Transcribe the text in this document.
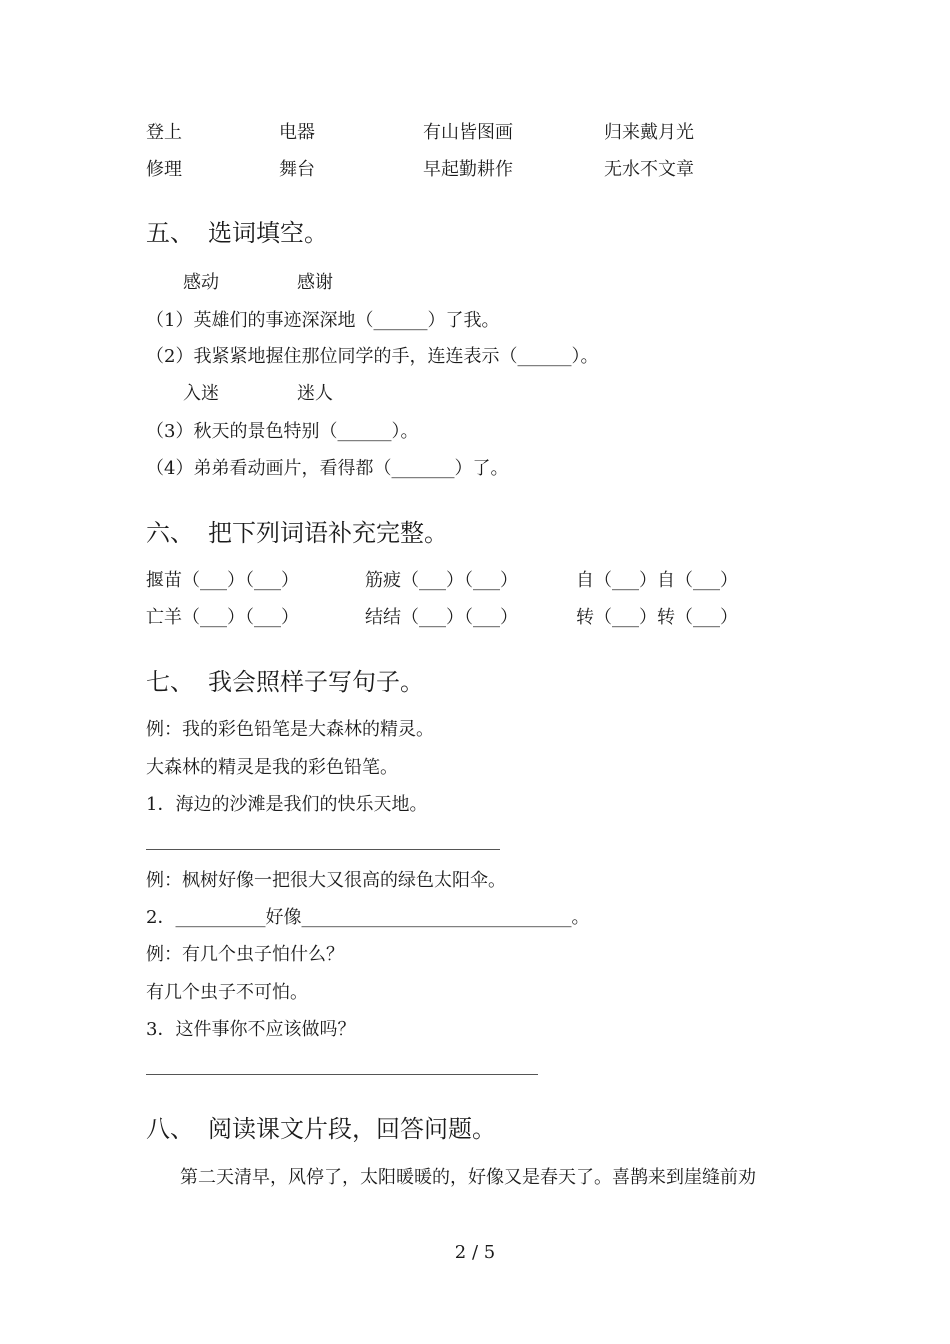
登上	电器	有山皆图画	归来戴月光
修理	舞台	早起勤耕作	无水不文章
五、 选词填空。
感动	感谢
（1）英雄们的事迹深深地（______）了我。
（2）我紧紧地握住那位同学的手，连连表示（______）。
入迷	迷人
（3）秋天的景色特别（______）。
（4）弟弟看动画片，看得都（_______）了。
六、 把下列词语补充完整。
揠苗（___）（___）	筋疲（___）（___）	自（___）自（___）
亡羊（___）（___）	结结（___）（___）	转（___）转（___）
七、 我会照样子写句子。
例：我的彩色铅笔是大森林的精灵。
大森林的精灵是我的彩色铅笔。
1．海边的沙滩是我们的快乐天地。
例：枫树好像一把很大又很高的绿色太阳伞。
2．__________好像______________________________。
例：有几个虫子怕什么？
有几个虫子不可怕。
3．这件事你不应该做吗？
八、 阅读课文片段，回答问题。
第二天清早，风停了，太阳暖暖的，好像又是春天了。喜鹊来到崖缝前劝
2 / 5
